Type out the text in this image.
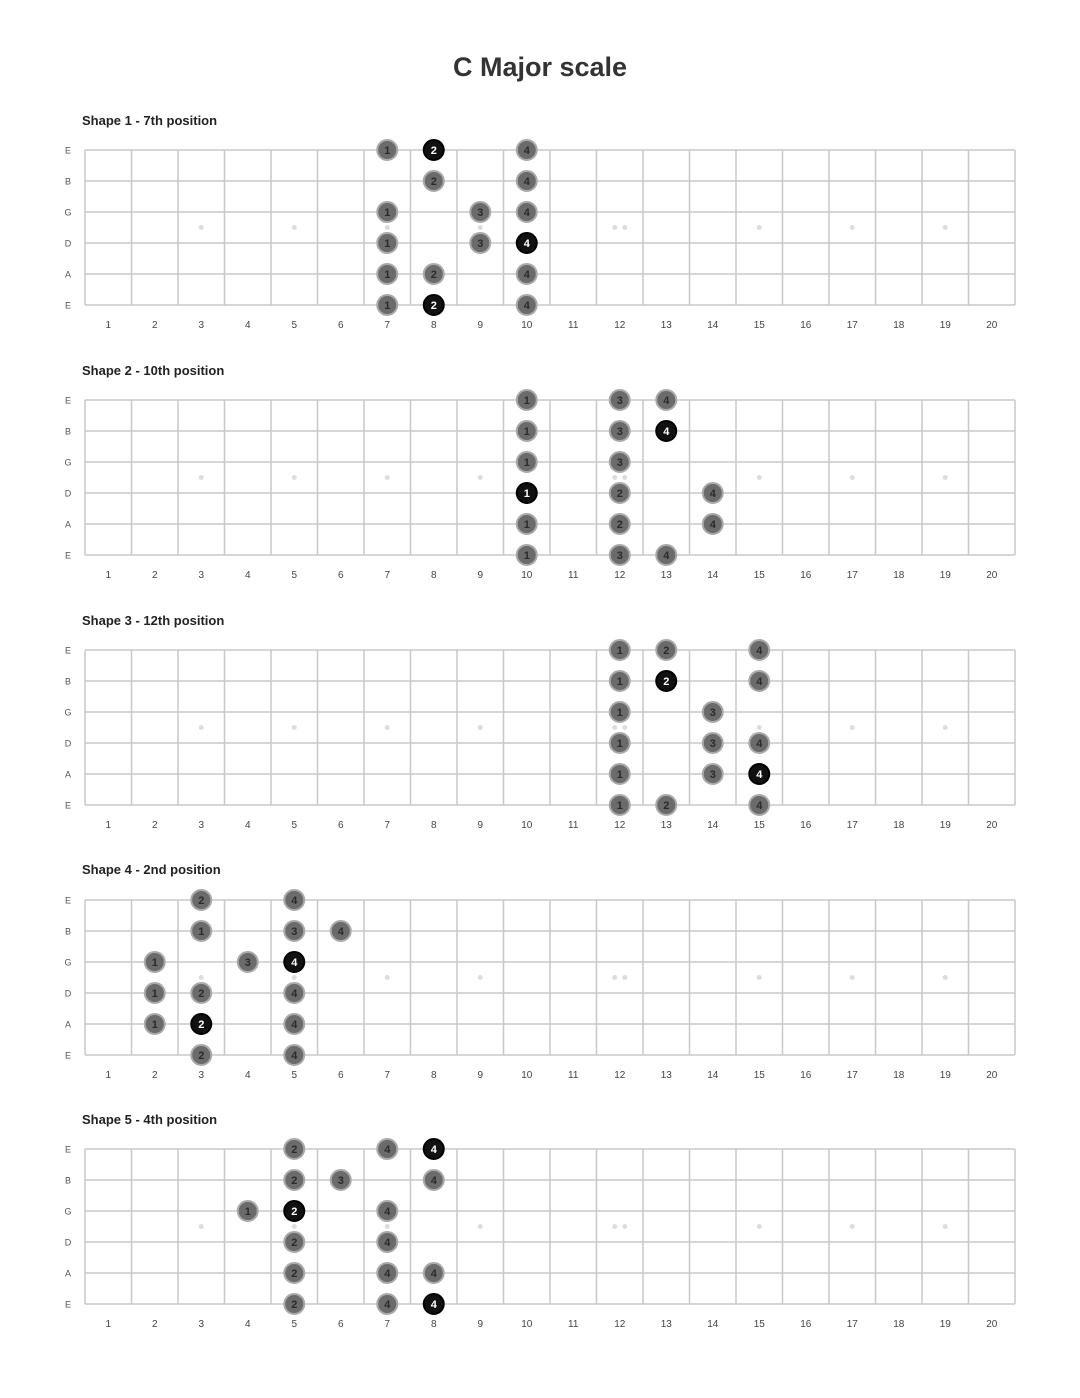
C Major scale
Shape 1 - 7th position
Shape 2 - 10th position
Shape 3 - 12th position
Shape 4 - 2nd position
Shape 5 - 4th position
E
B
G
D
A
E
1	2	3	4	5	6	7	8	9	10	11	12	13	14	15	16	17	18	19	20
1	2	4
2	4
1	3	4
1	3	4
1	2	4
1	2	4
E
B
G
D
A
E
1	2	3	4	5	6	7	8	9	10	11	12	13	14	15	16	17	18	19	20
1	3	4
1	3	4
1	3
1	2	4
1	2	4
1	3	4
E
B
G
D
A
E
1	2	3	4	5	6	7	8	9	10	11	12	13	14	15	16	17	18	19	20
1	2	4
1	2	4
1	3
1	3	4
1	3	4
1	2	4
E
B
G
D
A
E
1	2	3	4	5	6	7	8	9	10	11	12	13	14	15	16	17	18	19	20
2	4
1	3	4
1	3	4
1	2	4
1	2	4
2	4
E
B
G
D
A
E
1	2	3	4	5	6	7	8	9	10	11	12	13	14	15	16	17	18	19	20
2	4	4
2	3	4
1	2	4
2	4
2	4	4
2	4	4
